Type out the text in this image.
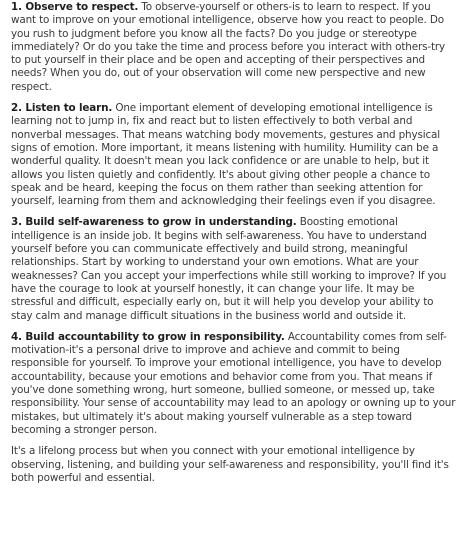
1. Observe to respect. To observe-yourself or others-is to learn to respect. If you want to improve on your emotional intelligence, observe how you react to people. Do you rush to judgment before you know all the facts? Do you judge or stereotype immediately? Or do you take the time and process before you interact with others-try to put yourself in their place and be open and accepting of their perspectives and needs? When you do, out of your observation will come new perspective and new respect.

2. Listen to learn. One important element of developing emotional intelligence is learning not to jump in, fix and react but to listen effectively to both verbal and nonverbal messages. That means watching body movements, gestures and physical signs of emotion. More important, it means listening with humility. Humility can be a wonderful quality. It doesn't mean you lack confidence or are unable to help, but it allows you listen quietly and confidently. It's about giving other people a chance to speak and be heard, keeping the focus on them rather than seeking attention for yourself, learning from them and acknowledging their feelings even if you disagree.

3. Build self-awareness to grow in understanding. Boosting emotional intelligence is an inside job. It begins with self-awareness. You have to understand yourself before you can communicate effectively and build strong, meaningful relationships. Start by working to understand your own emotions. What are your weaknesses? Can you accept your imperfections while still working to improve? If you have the courage to look at yourself honestly, it can change your life. It may be stressful and difficult, especially early on, but it will help you develop your ability to stay calm and manage difficult situations in the business world and outside it.

4. Build accountability to grow in responsibility. Accountability comes from self-motivation-it's a personal drive to improve and achieve and commit to being responsible for yourself. To improve your emotional intelligence, you have to develop accountability, because your emotions and behavior come from you. That means if you've done something wrong, hurt someone, bullied someone, or messed up, take responsibility. Your sense of accountability may lead to an apology or owning up to your mistakes, but ultimately it's about making yourself vulnerable as a step toward becoming a stronger person.

It's a lifelong process but when you connect with your emotional intelligence by observing, listening, and building your self-awareness and responsibility, you'll find it's both powerful and essential.
